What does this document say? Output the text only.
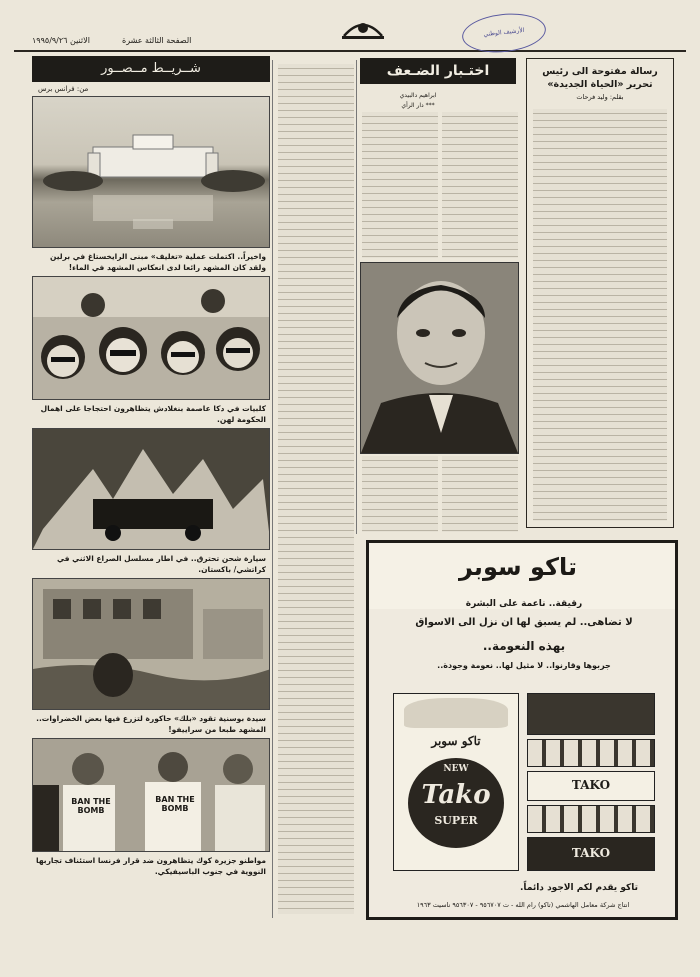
الاثنين ١٩٩٥/٩/٢٦	الصفحة الثالثة عشرة
الأرشيف الوطني
شــريــط مــصــور
من: فرانس برس
واخيراً.. اكتملت عملية «تغليف» مبنى الرايخستاغ في برلين ولقد كان المشهد رائعا لدى انعكاس المشهد في الماء!
كلبيات في دكا عاصمة بنغلادش يتظاهرون احتجاجا على اهمال الحكومة لهن.
سيارة شحن تحترق.. في اطار مسلسل الصراع الاثني في كراتشي/ باكستان.
سيدة بوسنية تقود «بلك» حاكورة لتزرع فيها بعض الخضراوات.. المشهد طبعا من سراييفو!
BAN THE BOMB
BAN THE BOMB
مواطنو جزيرة كوك يتظاهرون ضد قرار فرنسا استئناف تجاربها النووية في جنوب الباسيفيكي.
اختـبار الضـعف
ابراهيم دالبيدي
*** دار الرأي
رسالة مفتوحة الى رئيس تحرير «الحياة الجديدة»
بقلم: وليد فرحات
تاكو سوبر
رقيقة.. ناعمة على البشرة
لا تضاهى.. لم يسبق لها ان نزل الى الاسواق
بهذه النعومة..
جربوها وقارنوا.. لا مثيل لها.. نعومة وجودة..
تاكو سوبر
NEW
Tako
SUPER
TAKO
TAKO
تاكو يقدم لكم الاجود دائماً.
انتاج شركة معامل الهاشمي (تاكو) رام الله - ت ٩٥٦٧٠٧ - ٩٥٦٣٠٧ ناسيت ١٩٦٣
